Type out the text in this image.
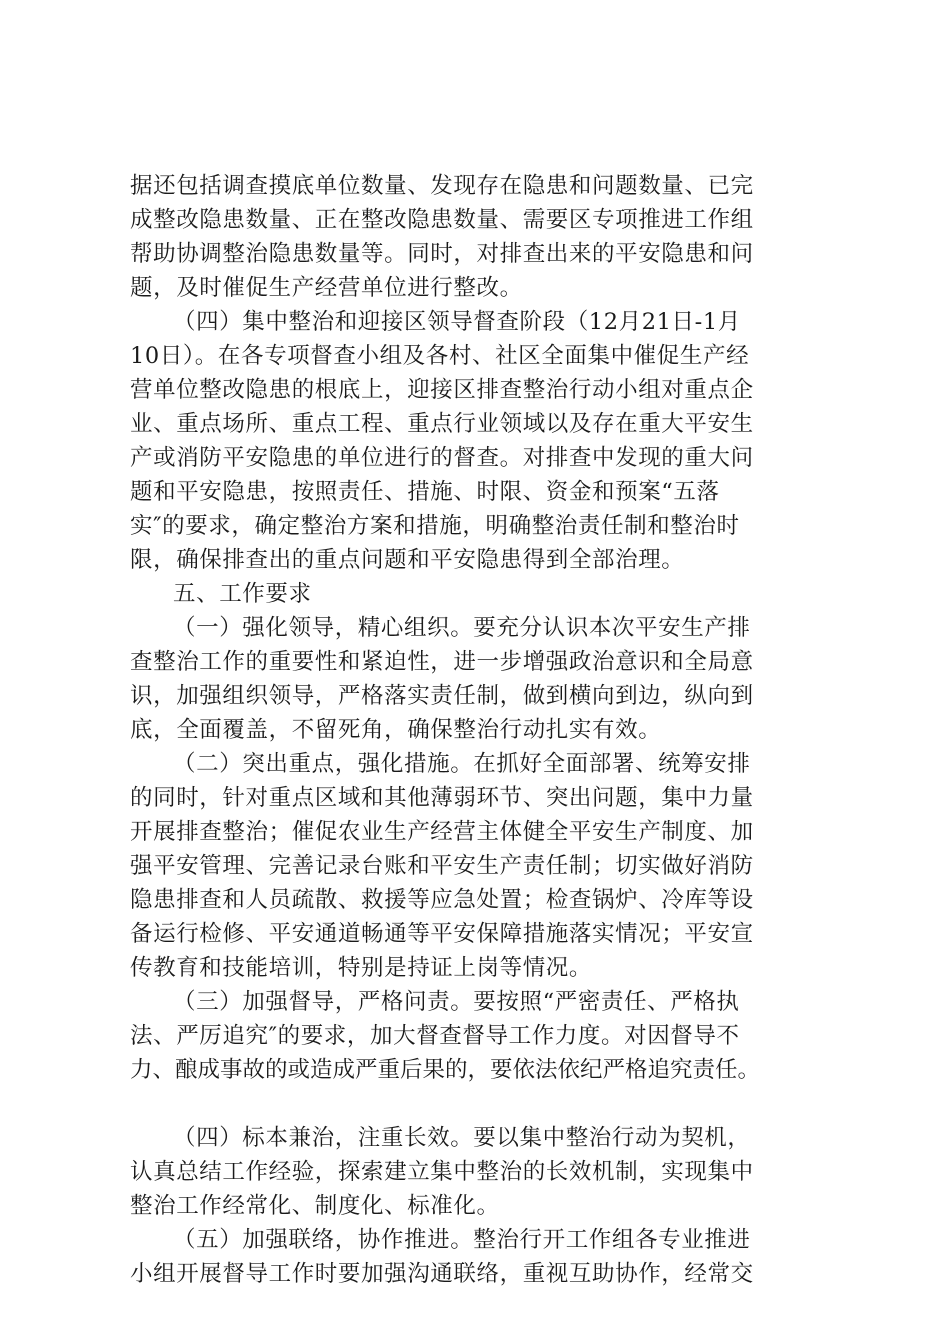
据还包括调查摸底单位数量、发现存在隐患和问题数量、已完
成整改隐患数量、正在整改隐患数量、需要区专项推进工作组
帮助协调整治隐患数量等。同时，对排查出来的平安隐患和问
题，及时催促生产经营单位进行整改。
（四）集中整治和迎接区领导督查阶段（12月21日-1月
10日）。在各专项督查小组及各村、社区全面集中催促生产经
营单位整改隐患的根底上，迎接区排查整治行动小组对重点企
业、重点场所、重点工程、重点行业领域以及存在重大平安生
产或消防平安隐患的单位进行的督查。对排查中发现的重大问
题和平安隐患，按照责任、措施、时限、资金和预案“五落
实″的要求，确定整治方案和措施，明确整治责任制和整治时
限，确保排查出的重点问题和平安隐患得到全部治理。
五、工作要求
（一）强化领导，精心组织。要充分认识本次平安生产排
查整治工作的重要性和紧迫性，进一步增强政治意识和全局意
识，加强组织领导，严格落实责任制，做到横向到边，纵向到
底，全面覆盖，不留死角，确保整治行动扎实有效。
（二）突出重点，强化措施。在抓好全面部署、统筹安排
的同时，针对重点区域和其他薄弱环节、突出问题，集中力量
开展排查整治；催促农业生产经营主体健全平安生产制度、加
强平安管理、完善记录台账和平安生产责任制；切实做好消防
隐患排查和人员疏散、救援等应急处置；检查锅炉、冷库等设
备运行检修、平安通道畅通等平安保障措施落实情况；平安宣
传教育和技能培训，特别是持证上岗等情况。
（三）加强督导，严格问责。要按照“严密责任、严格执
法、严厉追究″的要求，加大督查督导工作力度。对因督导不
力、酿成事故的或造成严重后果的，要依法依纪严格追究责任。
（四）标本兼治，注重长效。要以集中整治行动为契机，
认真总结工作经验，探索建立集中整治的长效机制，实现集中
整治工作经常化、制度化、标准化。
（五）加强联络，协作推进。整治行开工作组各专业推进
小组开展督导工作时要加强沟通联络，重视互助协作，经常交
